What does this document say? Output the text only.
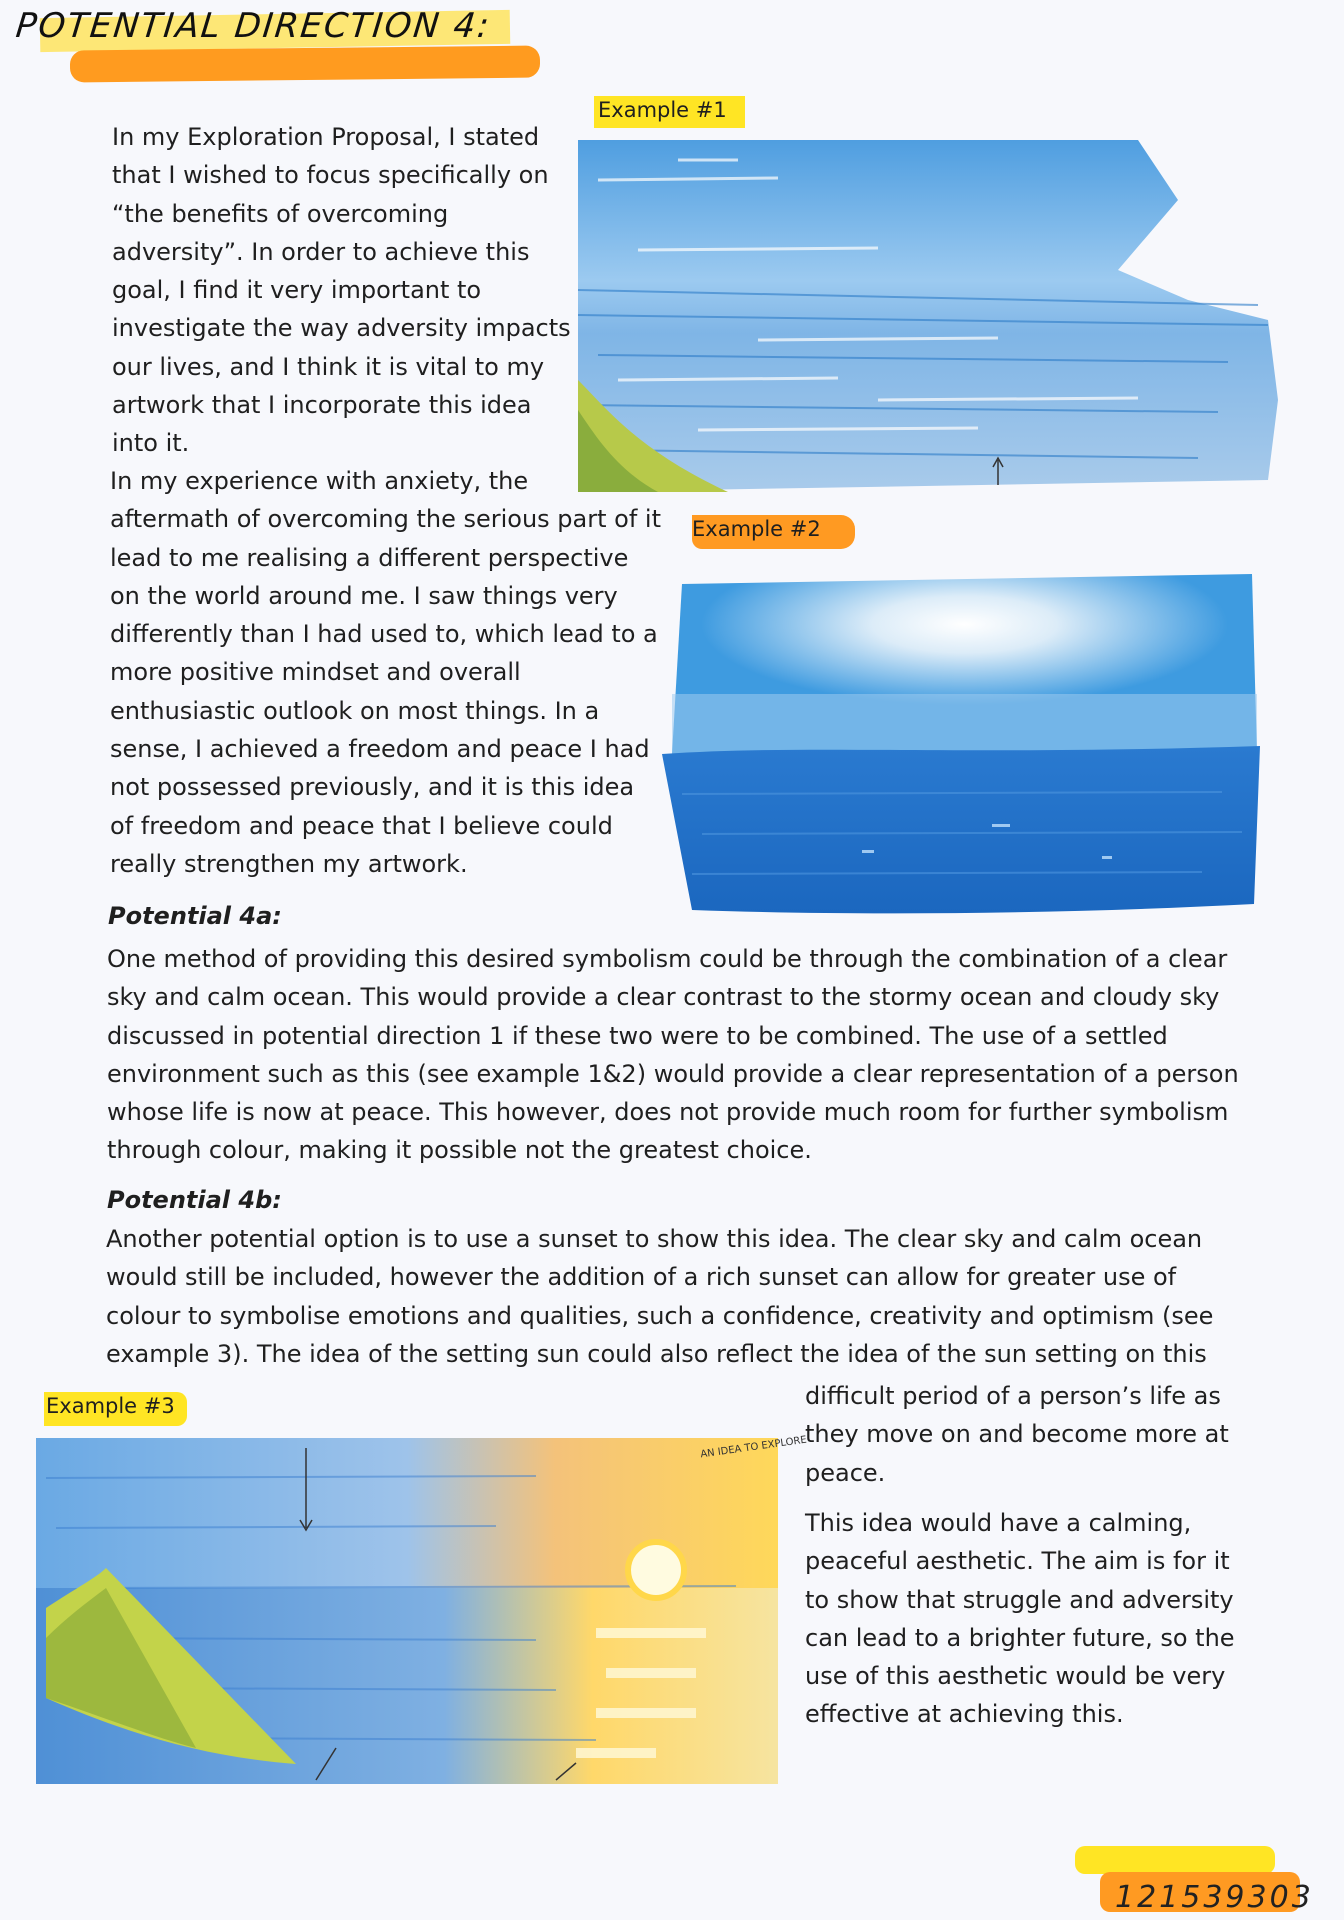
POTENTIAL DIRECTION 4:
Example #1
In my Exploration Proposal, I stated
that I wished to focus specifically on
“the benefits of overcoming
adversity”. In order to achieve this
goal, I find it very important to
investigate the way adversity impacts
our lives, and I think it is vital to my
artwork that I incorporate this idea
into it.
In my experience with anxiety, the
aftermath of overcoming the serious part of it
lead to me realising a different perspective
on the world around me. I saw things very
differently than I had used to, which lead to a
more positive mindset and overall
enthusiastic outlook on most things. In a
sense, I achieved a freedom and peace I had
not possessed previously, and it is this idea
of freedom and peace that I believe could
really strengthen my artwork.
Example #2
Potential 4a:
One method of providing this desired symbolism could be through the combination of a clear
sky and calm ocean. This would provide a clear contrast to the stormy ocean and cloudy sky
discussed in potential direction 1 if these two were to be combined. The use of a settled
environment such as this (see example 1&2) would provide a clear representation of a person
whose life is now at peace. This however, does not provide much room for further symbolism
through colour, making it possible not the greatest choice.
Potential 4b:
Another potential option is to use a sunset to show this idea. The clear sky and calm ocean
would still be included, however the addition of a rich sunset can allow for greater use of
colour to symbolise emotions and qualities, such a confidence, creativity and optimism (see
example 3). The idea of the setting sun could also reflect the idea of the sun setting on this
difficult period of a person’s life as
they move on and become more at
peace.
This idea would have a calming,
peaceful aesthetic. The aim is for it
to show that struggle and adversity
can lead to a brighter future, so the
use of this aesthetic would be very
effective at achieving this.
Example #3
AN IDEA TO EXPLORE
121539303
